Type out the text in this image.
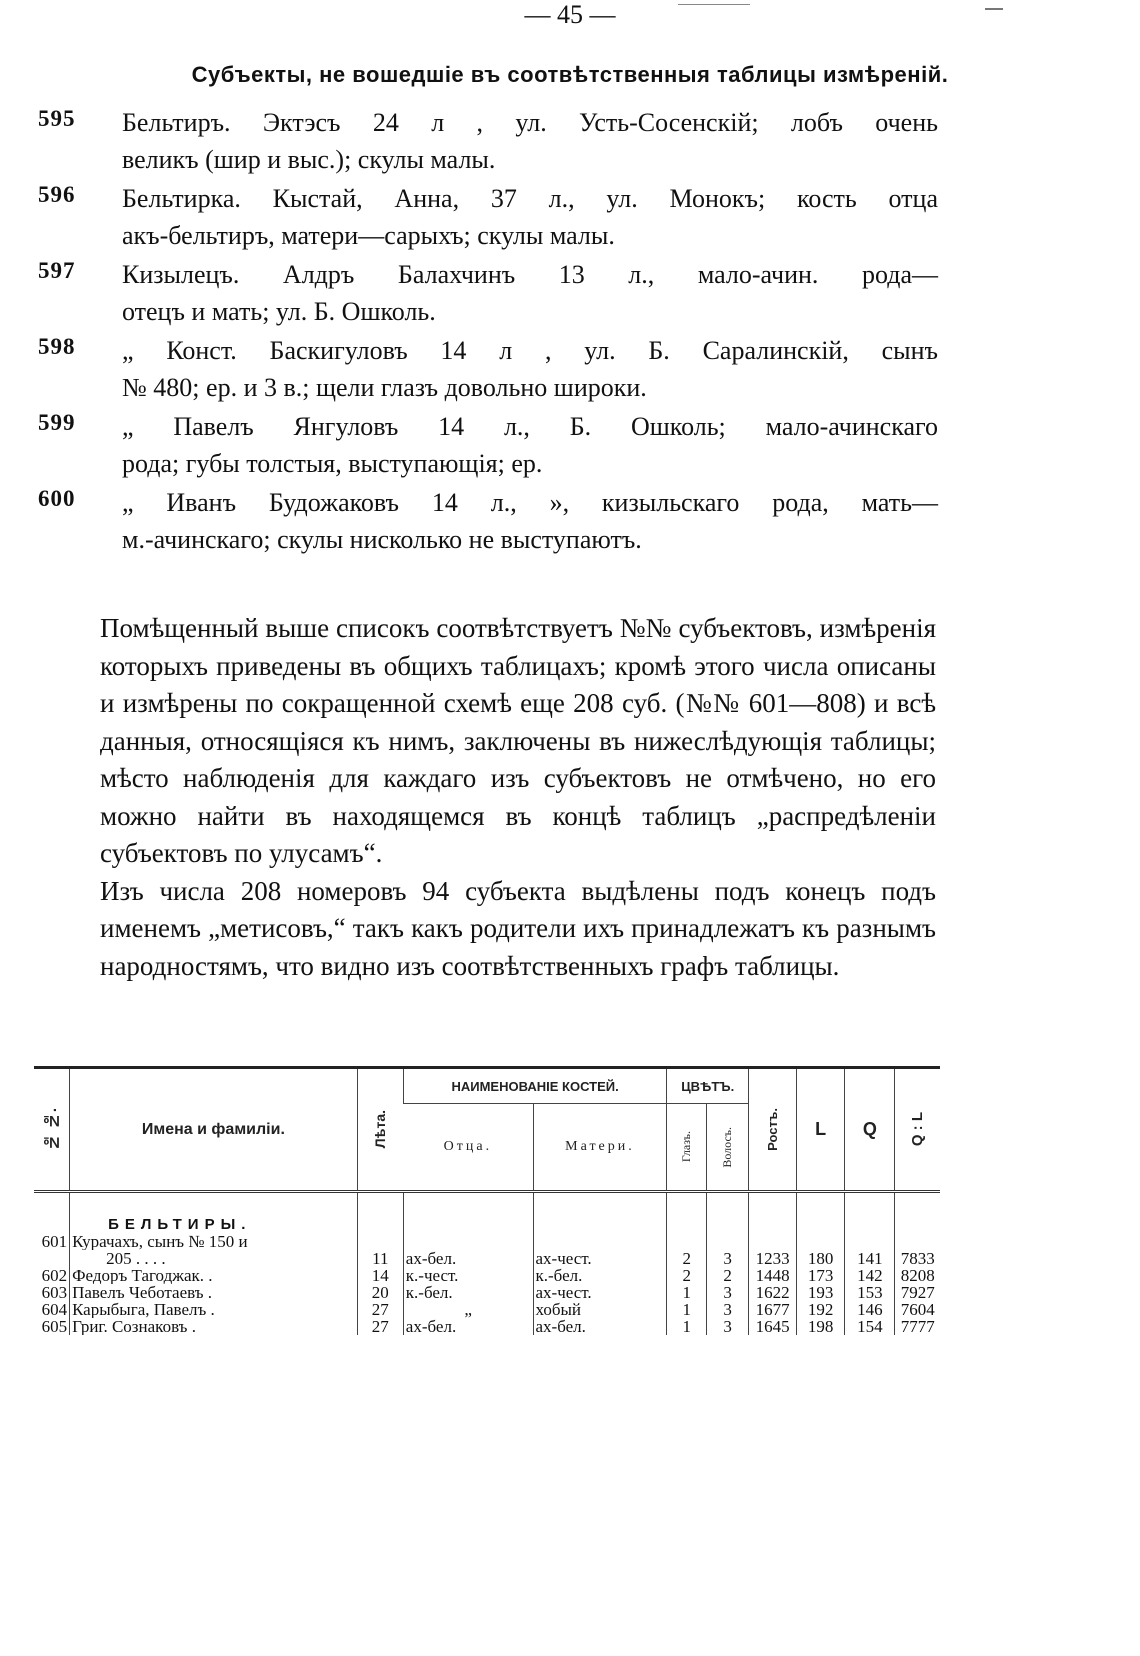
— 45 —
Субъекты, не вошедшіе въ соотвѣтственныя таблицы измѣреній.
595 Бельтиръ. Эктэсъ 24 л , ул. Усть-Сосенскій; лобъ очень
великъ (шир и выс.); скулы малы.
596 Бельтирка. Кыстай, Анна, 37 л., ул. Монокъ; кость отца
акъ-бельтиръ, матери—сарыхъ; скулы малы.
597 Кизылецъ. Алдръ Балахчинъ 13 л., мало-ачин. рода—
отецъ и мать; ул. Б. Ошколь.
598 „ Конст. Баскигуловъ 14 л , ул. Б. Саралинскій, сынъ
№ 480; ер. и 3 в.; щели глазъ довольно широки.
599 „ Павелъ Янгуловъ 14 л., Б. Ошколь; мало-ачинскаго
рода; губы толстыя, выступающія; ер.
600 „ Иванъ Будожаковъ 14 л., », кизыльскаго рода, мать—
м.-ачинскаго; скулы нисколько не выступаютъ.

Помѣщенный выше списокъ соотвѣтствуетъ №№ субъектовъ, измѣренія которыхъ приведены въ общихъ таблицахъ; кромѣ этого числа описаны и измѣрены по сокращенной схемѣ еще 208 суб. (№№ 601—808) и всѣ данныя, относящіяся къ нимъ, заключены въ нижеслѣдующія таблицы; мѣсто наблюденія для каждаго изъ субъектовъ не отмѣчено, но его можно найти въ находящемся въ концѣ таблицъ „распредѣленіи субъектовъ по улусамъ“.

Изъ числа 208 номеровъ 94 субъекта выдѣлены подъ конецъ подъ именемъ „метисовъ,“ такъ какъ родители ихъ принадлежатъ къ разнымъ народностямъ, что видно изъ соотвѣтственныхъ графъ таблицы.

№ №.	Имена и фамиліи.	Лѣта.	НАИМЕНОВАНІЕ КОСТЕЙ.		ЦВѢТЪ.		Ростъ.	L	Q	Q : L

			Отца.	Матери.	Глазъ.	Волосъ.				

	БЕЛЬТИРЫ.									
601	Курачахъ, сынъ № 150 и									
	205 . . . .	11	ах-бел.	ах-чест.	2	3	1233	180	141	7833
602	Федоръ Тагоджак. .	14	к.-чест.	к.-бел.	2	2	1448	173	142	8208
603	Павелъ Чеботаевъ .	20	к.-бел.	ах-чест.	1	3	1622	193	153	7927
604	Карыбыга, Павелъ .	27	„	хобый	1	3	1677	192	146	7604
605	Григ. Сознаковъ .	27	ах-бел.	ах-бел.	1	3	1645	198	154	7777
